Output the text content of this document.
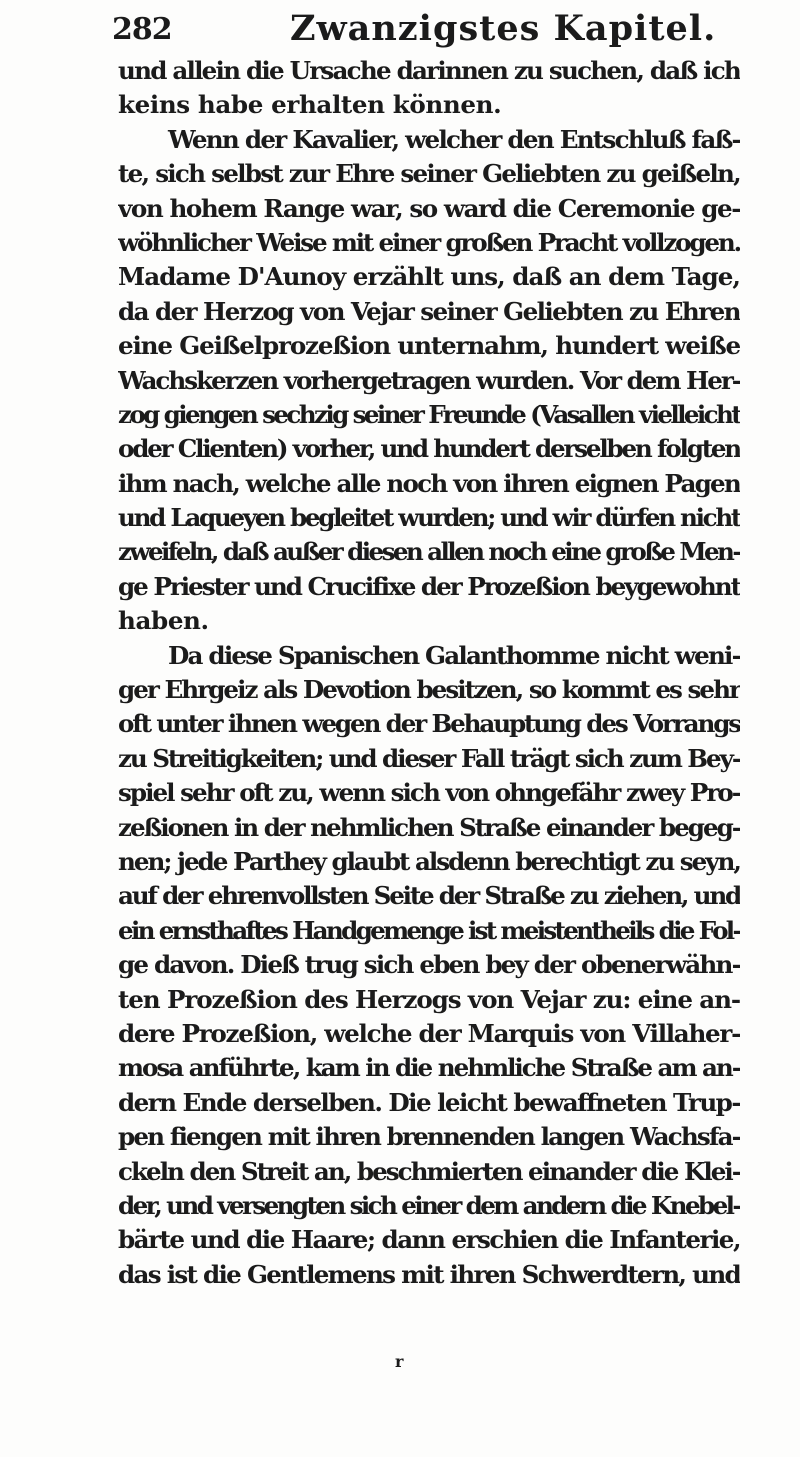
282	Zwanzigstes Kapitel.
und allein die Ursache darinnen zu suchen, daß ich
keins habe erhalten können.
Wenn der Kavalier, welcher den Entschluß faß-
te, sich selbst zur Ehre seiner Geliebten zu geißeln,
von hohem Range war, so ward die Ceremonie ge-
wöhnlicher Weise mit einer großen Pracht vollzogen.
Madame D'Aunoy erzählt uns, daß an dem Tage,
da der Herzog von Vejar seiner Geliebten zu Ehren
eine Geißelprozeßion unternahm, hundert weiße
Wachskerzen vorhergetragen wurden. Vor dem Her-
zog giengen sechzig seiner Freunde (Vasallen vielleicht
oder Clienten) vorher, und hundert derselben folgten
ihm nach, welche alle noch von ihren eignen Pagen
und Laqueyen begleitet wurden; und wir dürfen nicht
zweifeln, daß außer diesen allen noch eine große Men-
ge Priester und Crucifixe der Prozeßion beygewohnt
haben.
Da diese Spanischen Galanthomme nicht weni-
ger Ehrgeiz als Devotion besitzen, so kommt es sehr
oft unter ihnen wegen der Behauptung des Vorrangs
zu Streitigkeiten; und dieser Fall trägt sich zum Bey-
spiel sehr oft zu, wenn sich von ohngefähr zwey Pro-
zeßionen in der nehmlichen Straße einander begeg-
nen; jede Parthey glaubt alsdenn berechtigt zu seyn,
auf der ehrenvollsten Seite der Straße zu ziehen, und
ein ernsthaftes Handgemenge ist meistentheils die Fol-
ge davon. Dieß trug sich eben bey der obenerwähn-
ten Prozeßion des Herzogs von Vejar zu: eine an-
dere Prozeßion, welche der Marquis von Villaher-
mosa anführte, kam in die nehmliche Straße am an-
dern Ende derselben. Die leicht bewaffneten Trup-
pen fiengen mit ihren brennenden langen Wachsfa-
ckeln den Streit an, beschmierten einander die Klei-
der, und versengten sich einer dem andern die Knebel-
bärte und die Haare; dann erschien die Infanterie,
das ist die Gentlemens mit ihren Schwerdtern, und
r
